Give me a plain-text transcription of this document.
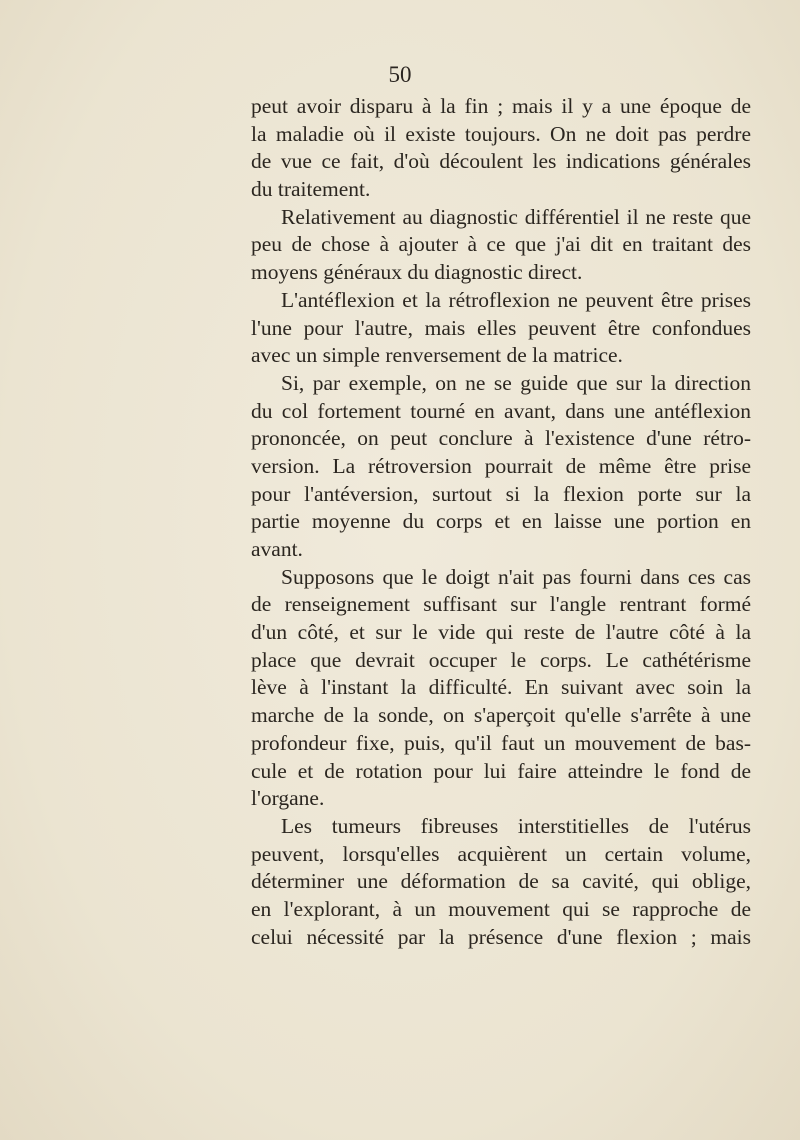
50

peut avoir disparu à la fin ; mais il y a une époque de
la maladie où il existe toujours. On ne doit pas perdre
de vue ce fait, d'où découlent les indications générales
du traitement.
Relativement au diagnostic différentiel il ne reste que
peu de chose à ajouter à ce que j'ai dit en traitant des
moyens généraux du diagnostic direct.
L'antéflexion et la rétroflexion ne peuvent être prises
l'une pour l'autre, mais elles peuvent être confondues
avec un simple renversement de la matrice.
Si, par exemple, on ne se guide que sur la direction
du col fortement tourné en avant, dans une antéflexion
prononcée, on peut conclure à l'existence d'une rétro-
version. La rétroversion pourrait de même être prise
pour l'antéversion, surtout si la flexion porte sur la
partie moyenne du corps et en laisse une portion en
avant.
Supposons que le doigt n'ait pas fourni dans ces cas
de renseignement suffisant sur l'angle rentrant formé
d'un côté, et sur le vide qui reste de l'autre côté à la
place que devrait occuper le corps. Le cathétérisme
lève à l'instant la difficulté. En suivant avec soin la
marche de la sonde, on s'aperçoit qu'elle s'arrête à une
profondeur fixe, puis, qu'il faut un mouvement de bas-
cule et de rotation pour lui faire atteindre le fond de
l'organe.
Les tumeurs fibreuses interstitielles de l'utérus
peuvent, lorsqu'elles acquièrent un certain volume,
déterminer une déformation de sa cavité, qui oblige,
en l'explorant, à un mouvement qui se rapproche de
celui nécessité par la présence d'une flexion ; mais
